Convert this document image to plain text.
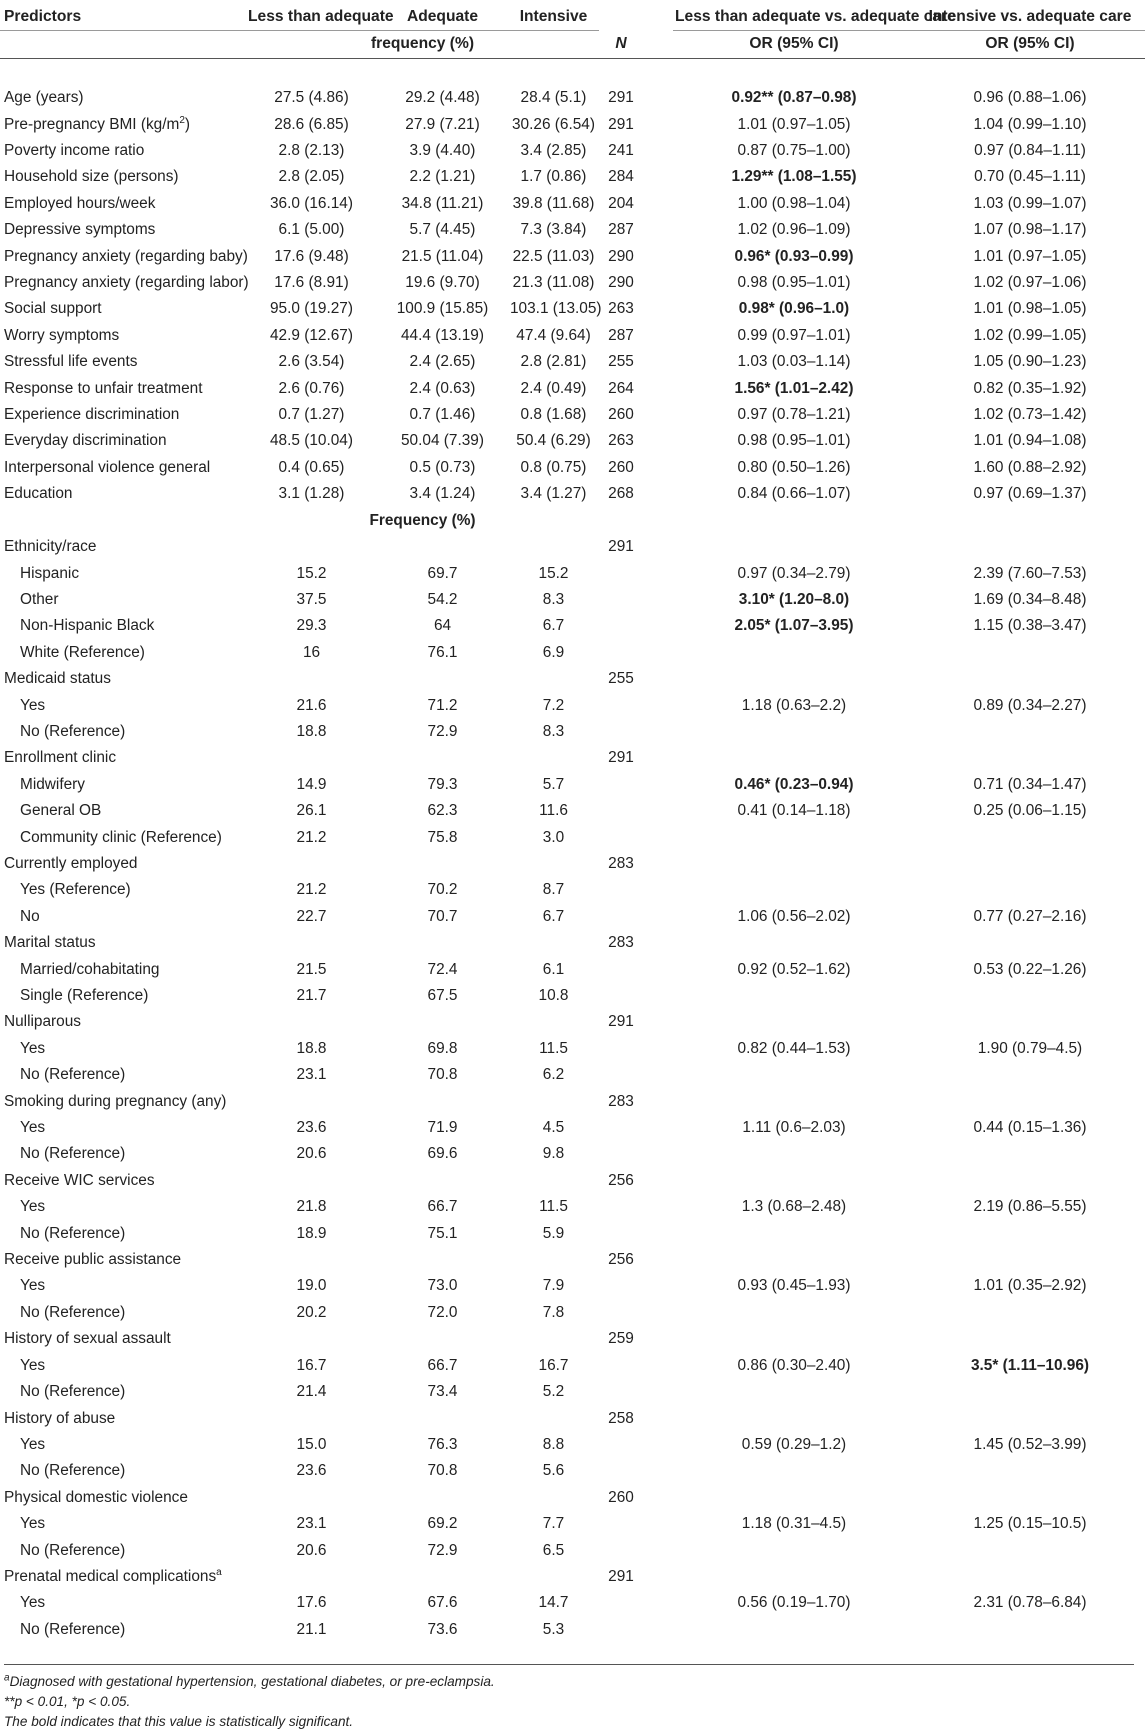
Predictors	Less than adequate	Adequate	Intensive			Less than adequate vs. adequate care	Intensive vs. adequate care
	frequency (%)			N		OR (95% CI)	OR (95% CI)

Age (years)	27.5 (4.86)	29.2 (4.48)	28.4 (5.1)	291		0.92** (0.87–0.98)	0.96 (0.88–1.06)
Pre-pregnancy BMI $(kg/m^2)$	28.6 (6.85)	27.9 (7.21)	30.26 (6.54)	291		1.01 (0.97–1.05)	1.04 (0.99–1.10)
Poverty income ratio	2.8 (2.13)	3.9 (4.40)	3.4 (2.85)	241		0.87 (0.75–1.00)	0.97 (0.84–1.11)
Household size (persons)	2.8 (2.05)	2.2 (1.21)	1.7 (0.86)	284		1.29** (1.08–1.55)	0.70 (0.45–1.11)
Employed hours/week	36.0 (16.14)	34.8 (11.21)	39.8 (11.68)	204		1.00 (0.98–1.04)	1.03 (0.99–1.07)
Depressive symptoms	6.1 (5.00)	5.7 (4.45)	7.3 (3.84)	287		1.02 (0.96–1.09)	1.07 (0.98–1.17)
Pregnancy anxiety (regarding baby)	17.6 (9.48)	21.5 (11.04)	22.5 (11.03)	290		0.96* (0.93–0.99)	1.01 (0.97–1.05)
Pregnancy anxiety (regarding labor)	17.6 (8.91)	19.6 (9.70)	21.3 (11.08)	290		0.98 (0.95–1.01)	1.02 (0.97–1.06)
Social support	95.0 (19.27)	100.9 (15.85)	103.1 (13.05)	263		0.98* (0.96–1.0)	1.01 (0.98–1.05)
Worry symptoms	42.9 (12.67)	44.4 (13.19)	47.4 (9.64)	287		0.99 (0.97–1.01)	1.02 (0.99–1.05)
Stressful life events	2.6 (3.54)	2.4 (2.65)	2.8 (2.81)	255		1.03 (0.03–1.14)	1.05 (0.90–1.23)
Response to unfair treatment	2.6 (0.76)	2.4 (0.63)	2.4 (0.49)	264		1.56* (1.01–2.42)	0.82 (0.35–1.92)
Experience discrimination	0.7 (1.27)	0.7 (1.46)	0.8 (1.68)	260		0.97 (0.78–1.21)	1.02 (0.73–1.42)
Everyday discrimination	48.5 (10.04)	50.04 (7.39)	50.4 (6.29)	263		0.98 (0.95–1.01)	1.01 (0.94–1.08)
Interpersonal violence general	0.4 (0.65)	0.5 (0.73)	0.8 (0.75)	260		0.80 (0.50–1.26)	1.60 (0.88–2.92)
Education	3.1 (1.28)	3.4 (1.24)	3.4 (1.27)	268		0.84 (0.66–1.07)	0.97 (0.69–1.37)
	Frequency (%)						
Ethnicity/race				291			
Hispanic	15.2	69.7	15.2			0.97 (0.34–2.79)	2.39 (7.60–7.53)
Other	37.5	54.2	8.3			3.10* (1.20–8.0)	1.69 (0.34–8.48)
Non-Hispanic Black	29.3	64	6.7			2.05* (1.07–3.95)	1.15 (0.38–3.47)
White (Reference)	16	76.1	6.9				
Medicaid status				255			
Yes	21.6	71.2	7.2			1.18 (0.63–2.2)	0.89 (0.34–2.27)
No (Reference)	18.8	72.9	8.3				
Enrollment clinic				291			
Midwifery	14.9	79.3	5.7			0.46* (0.23–0.94)	0.71 (0.34–1.47)
General OB	26.1	62.3	11.6			0.41 (0.14–1.18)	0.25 (0.06–1.15)
Community clinic (Reference)	21.2	75.8	3.0				
Currently employed				283			
Yes (Reference)	21.2	70.2	8.7				
No	22.7	70.7	6.7			1.06 (0.56–2.02)	0.77 (0.27–2.16)
Marital status				283			
Married/cohabitating	21.5	72.4	6.1			0.92 (0.52–1.62)	0.53 (0.22–1.26)
Single (Reference)	21.7	67.5	10.8				
Nulliparous				291			
Yes	18.8	69.8	11.5			0.82 (0.44–1.53)	1.90 (0.79–4.5)
No (Reference)	23.1	70.8	6.2				
Smoking during pregnancy (any)				283			
Yes	23.6	71.9	4.5			1.11 (0.6–2.03)	0.44 (0.15–1.36)
No (Reference)	20.6	69.6	9.8				
Receive WIC services				256			
Yes	21.8	66.7	11.5			1.3 (0.68–2.48)	2.19 (0.86–5.55)
No (Reference)	18.9	75.1	5.9				
Receive public assistance				256			
Yes	19.0	73.0	7.9			0.93 (0.45–1.93)	1.01 (0.35–2.92)
No (Reference)	20.2	72.0	7.8				
History of sexual assault				259			
Yes	16.7	66.7	16.7			0.86 (0.30–2.40)	3.5* (1.11–10.96)
No (Reference)	21.4	73.4	5.2				
History of abuse				258			
Yes	15.0	76.3	8.8			0.59 (0.29–1.2)	1.45 (0.52–3.99)
No (Reference)	23.6	70.8	5.6				
Physical domestic violence				260			
Yes	23.1	69.2	7.7			1.18 (0.31–4.5)	1.25 (0.15–10.5)
No (Reference)	20.6	72.9	6.5				
Prenatal medical complications$^a$				291			
Yes	17.6	67.6	14.7			0.56 (0.19–1.70)	2.31 (0.78–6.84)
No (Reference)	21.1	73.6	5.3				
$^a$Diagnosed with gestational hypertension, gestational diabetes, or pre-eclampsia.
**p < 0.01, *p < 0.05.
The bold indicates that this value is statistically significant.
